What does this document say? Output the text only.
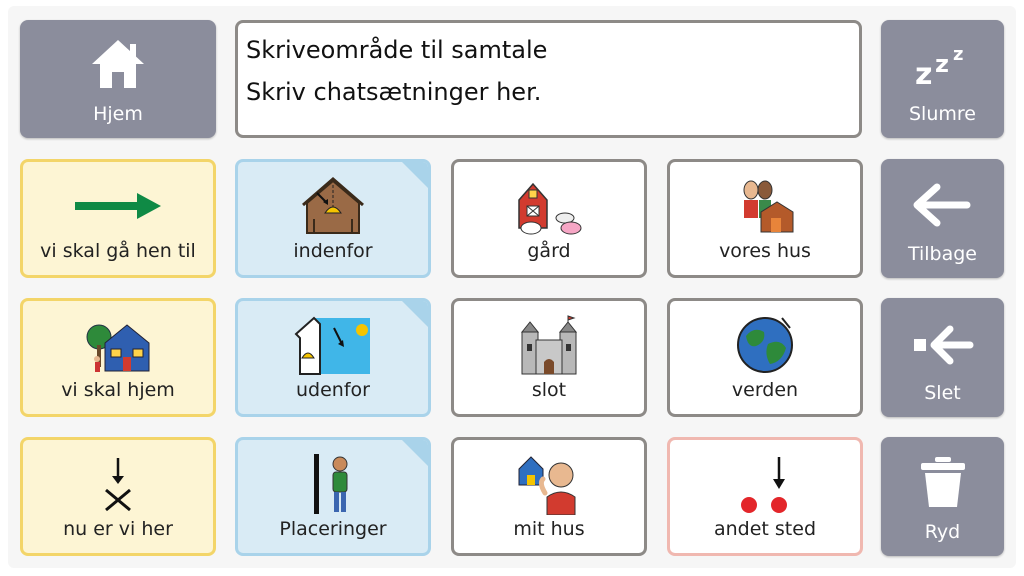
Hjem
Skriveområde til samtale
Skriv chatsætninger her.	z z z
Slumre
vi skal gå hen til	indenfor	gård	vores hus	Tilbage
vi skal hjem	udenfor	slot	verden	Slet
nu er vi her	Placeringer	mit hus	andet sted	Ryd
